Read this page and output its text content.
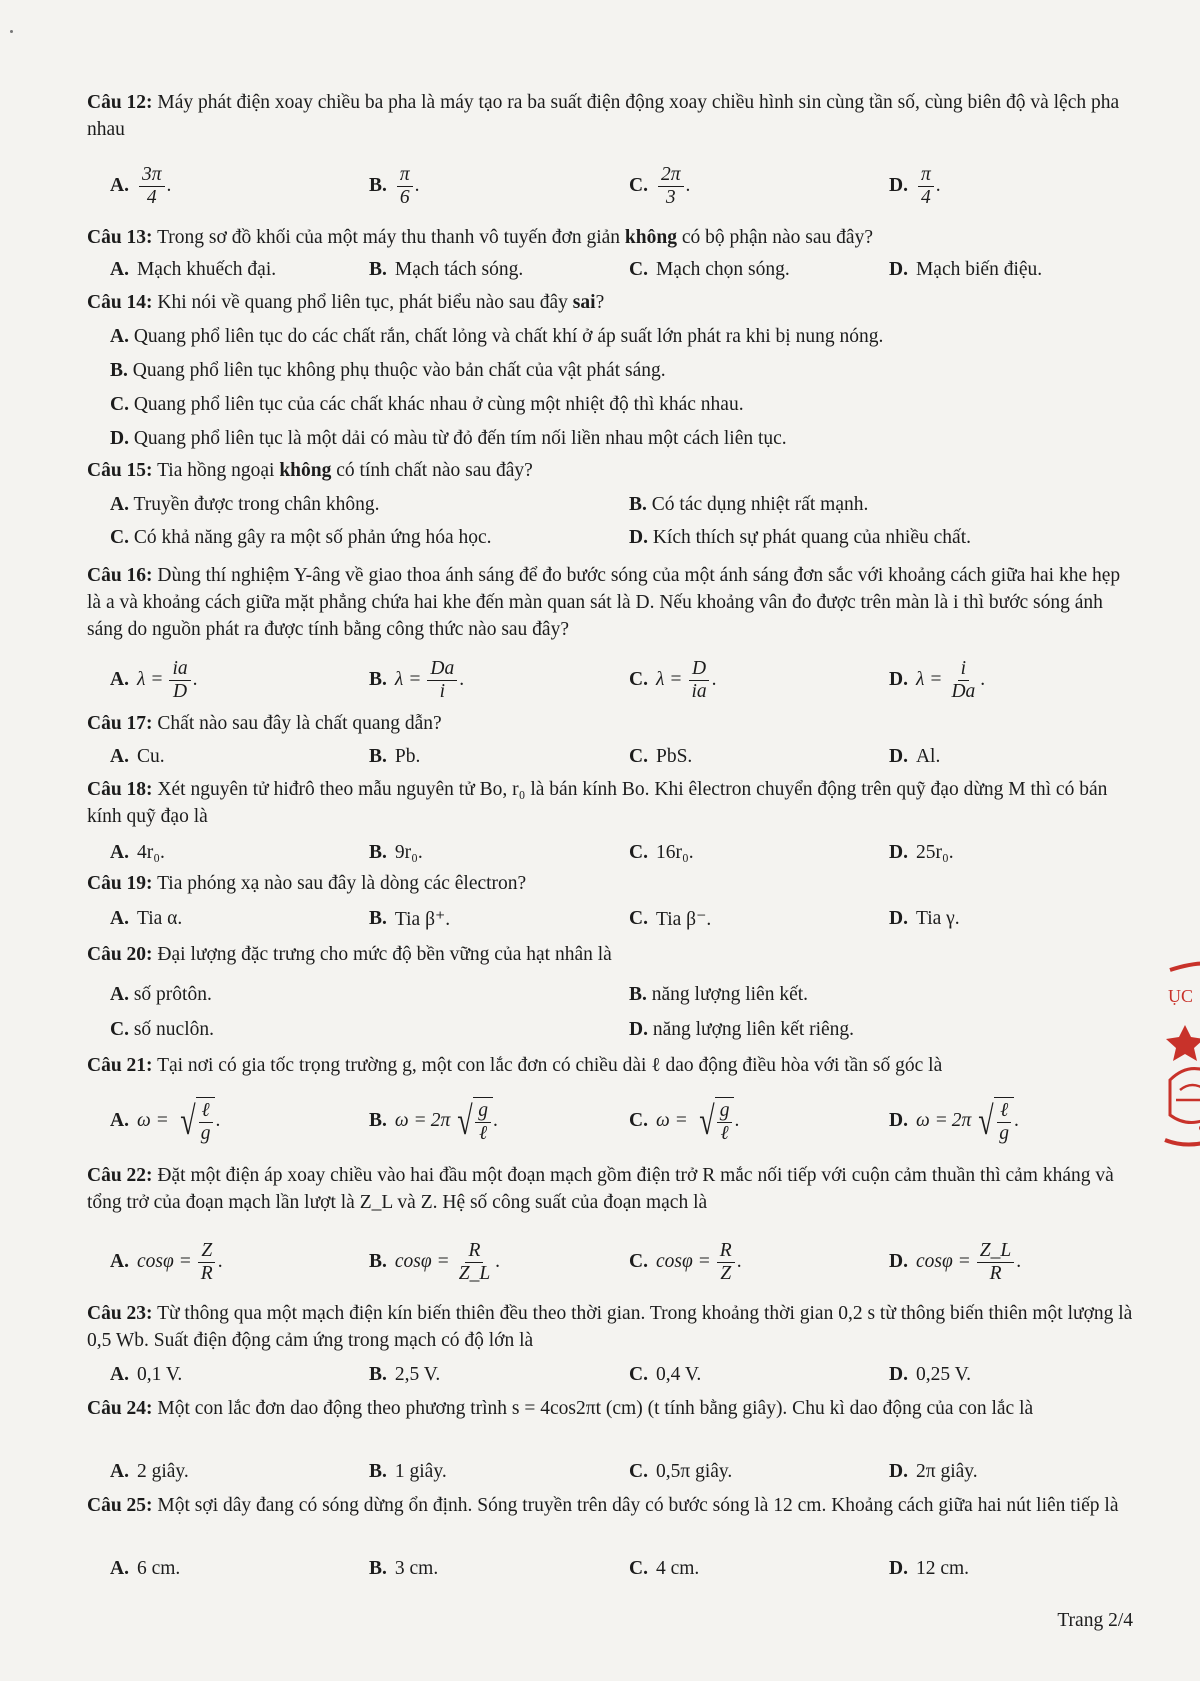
Câu 12: Máy phát điện xoay chiều ba pha là máy tạo ra ba suất điện động xoay chiều hình sin cùng tần số, cùng biên độ và lệch pha nhau
A. $\frac{3\pi}{4}$ .	B. $\frac{\pi}{6}$ .	C. $\frac{2\pi}{3}$ .	D. $\frac{\pi}{4}$ .
Câu 13: Trong sơ đồ khối của một máy thu thanh vô tuyến đơn giản không có bộ phận nào sau đây?
A. Mạch khuếch đại.	B. Mạch tách sóng.	C. Mạch chọn sóng.	D. Mạch biến điệu.
Câu 14: Khi nói về quang phổ liên tục, phát biểu nào sau đây sai?
A. Quang phổ liên tục do các chất rắn, chất lỏng và chất khí ở áp suất lớn phát ra khi bị nung nóng.
B. Quang phổ liên tục không phụ thuộc vào bản chất của vật phát sáng.
C. Quang phổ liên tục của các chất khác nhau ở cùng một nhiệt độ thì khác nhau.
D. Quang phổ liên tục là một dải có màu từ đỏ đến tím nối liền nhau một cách liên tục.
Câu 15: Tia hồng ngoại không có tính chất nào sau đây?
A. Truyền được trong chân không.	B. Có tác dụng nhiệt rất mạnh.
C. Có khả năng gây ra một số phản ứng hóa học.	D. Kích thích sự phát quang của nhiều chất.
Câu 16: Dùng thí nghiệm Y-âng về giao thoa ánh sáng để đo bước sóng của một ánh sáng đơn sắc với khoảng cách giữa hai khe hẹp là a và khoảng cách giữa mặt phẳng chứa hai khe đến màn quan sát là D. Nếu khoảng vân đo được trên màn là i thì bước sóng ánh sáng do nguồn phát ra được tính bằng công thức nào sau đây?
A. $\lambda = \frac{ia}{D}$ .	B. $\lambda = \frac{Da}{i}$ .	C. $\lambda = \frac{D}{ia}$ .	D. $\lambda = \frac{i}{Da}$ .
Câu 17: Chất nào sau đây là chất quang dẫn?
A. Cu.	B. Pb.	C. PbS.	D. Al.
Câu 18: Xét nguyên tử hiđrô theo mẫu nguyên tử Bo, r₀ là bán kính Bo. Khi êlectron chuyển động trên quỹ đạo dừng M thì có bán kính quỹ đạo là
A. 4r₀.	B. 9r₀.	C. 16r₀.	D. 25r₀.
Câu 19: Tia phóng xạ nào sau đây là dòng các êlectron?
A. Tia α.	B. Tia β⁺.	C. Tia β⁻.	D. Tia γ.
Câu 20: Đại lượng đặc trưng cho mức độ bền vững của hạt nhân là
A. số prôtôn.	B. năng lượng liên kết.
C. số nuclôn.	D. năng lượng liên kết riêng.
Câu 21: Tại nơi có gia tốc trọng trường g, một con lắc đơn có chiều dài ℓ dao động điều hòa với tần số góc là
A. ω = √ $\frac{\text{ℓ}}{g}$ .	B. ω = 2π √ $\frac{g}{\text{ℓ}}$ .	C. ω = √ $\frac{g}{\text{ℓ}}$ .	D. ω = 2π √ $\frac{\text{ℓ}}{g}$ .
Câu 22: Đặt một điện áp xoay chiều vào hai đầu một đoạn mạch gồm điện trở R mắc nối tiếp với cuộn cảm thuần thì cảm kháng và tổng trở của đoạn mạch lần lượt là Z_L và Z. Hệ số công suất của đoạn mạch là
A. $\cos\varphi = \frac{Z}{R}$ .	B. $\cos\varphi = \frac{R}{Z\_L}$ .	C. $\cos\varphi = \frac{R}{Z}$ .	D. $\cos\varphi = \frac{Z\_L}{R}$ .
Câu 23: Từ thông qua một mạch điện kín biến thiên đều theo thời gian. Trong khoảng thời gian 0,2 s từ thông biến thiên một lượng là 0,5 Wb. Suất điện động cảm ứng trong mạch có độ lớn là
A. 0,1 V.	B. 2,5 V.	C. 0,4 V.	D. 0,25 V.
Câu 24: Một con lắc đơn dao động theo phương trình s = 4cos2πt (cm) (t tính bằng giây). Chu kì dao động của con lắc là
A. 2 giây.	B. 1 giây.	C. 0,5π giây.	D. 2π giây.
Câu 25: Một sợi dây đang có sóng dừng ổn định. Sóng truyền trên dây có bước sóng là 12 cm. Khoảng cách giữa hai nút liên tiếp là
A. 6 cm.	B. 3 cm.	C. 4 cm.	D. 12 cm.
Trang 2/4
ỤC
